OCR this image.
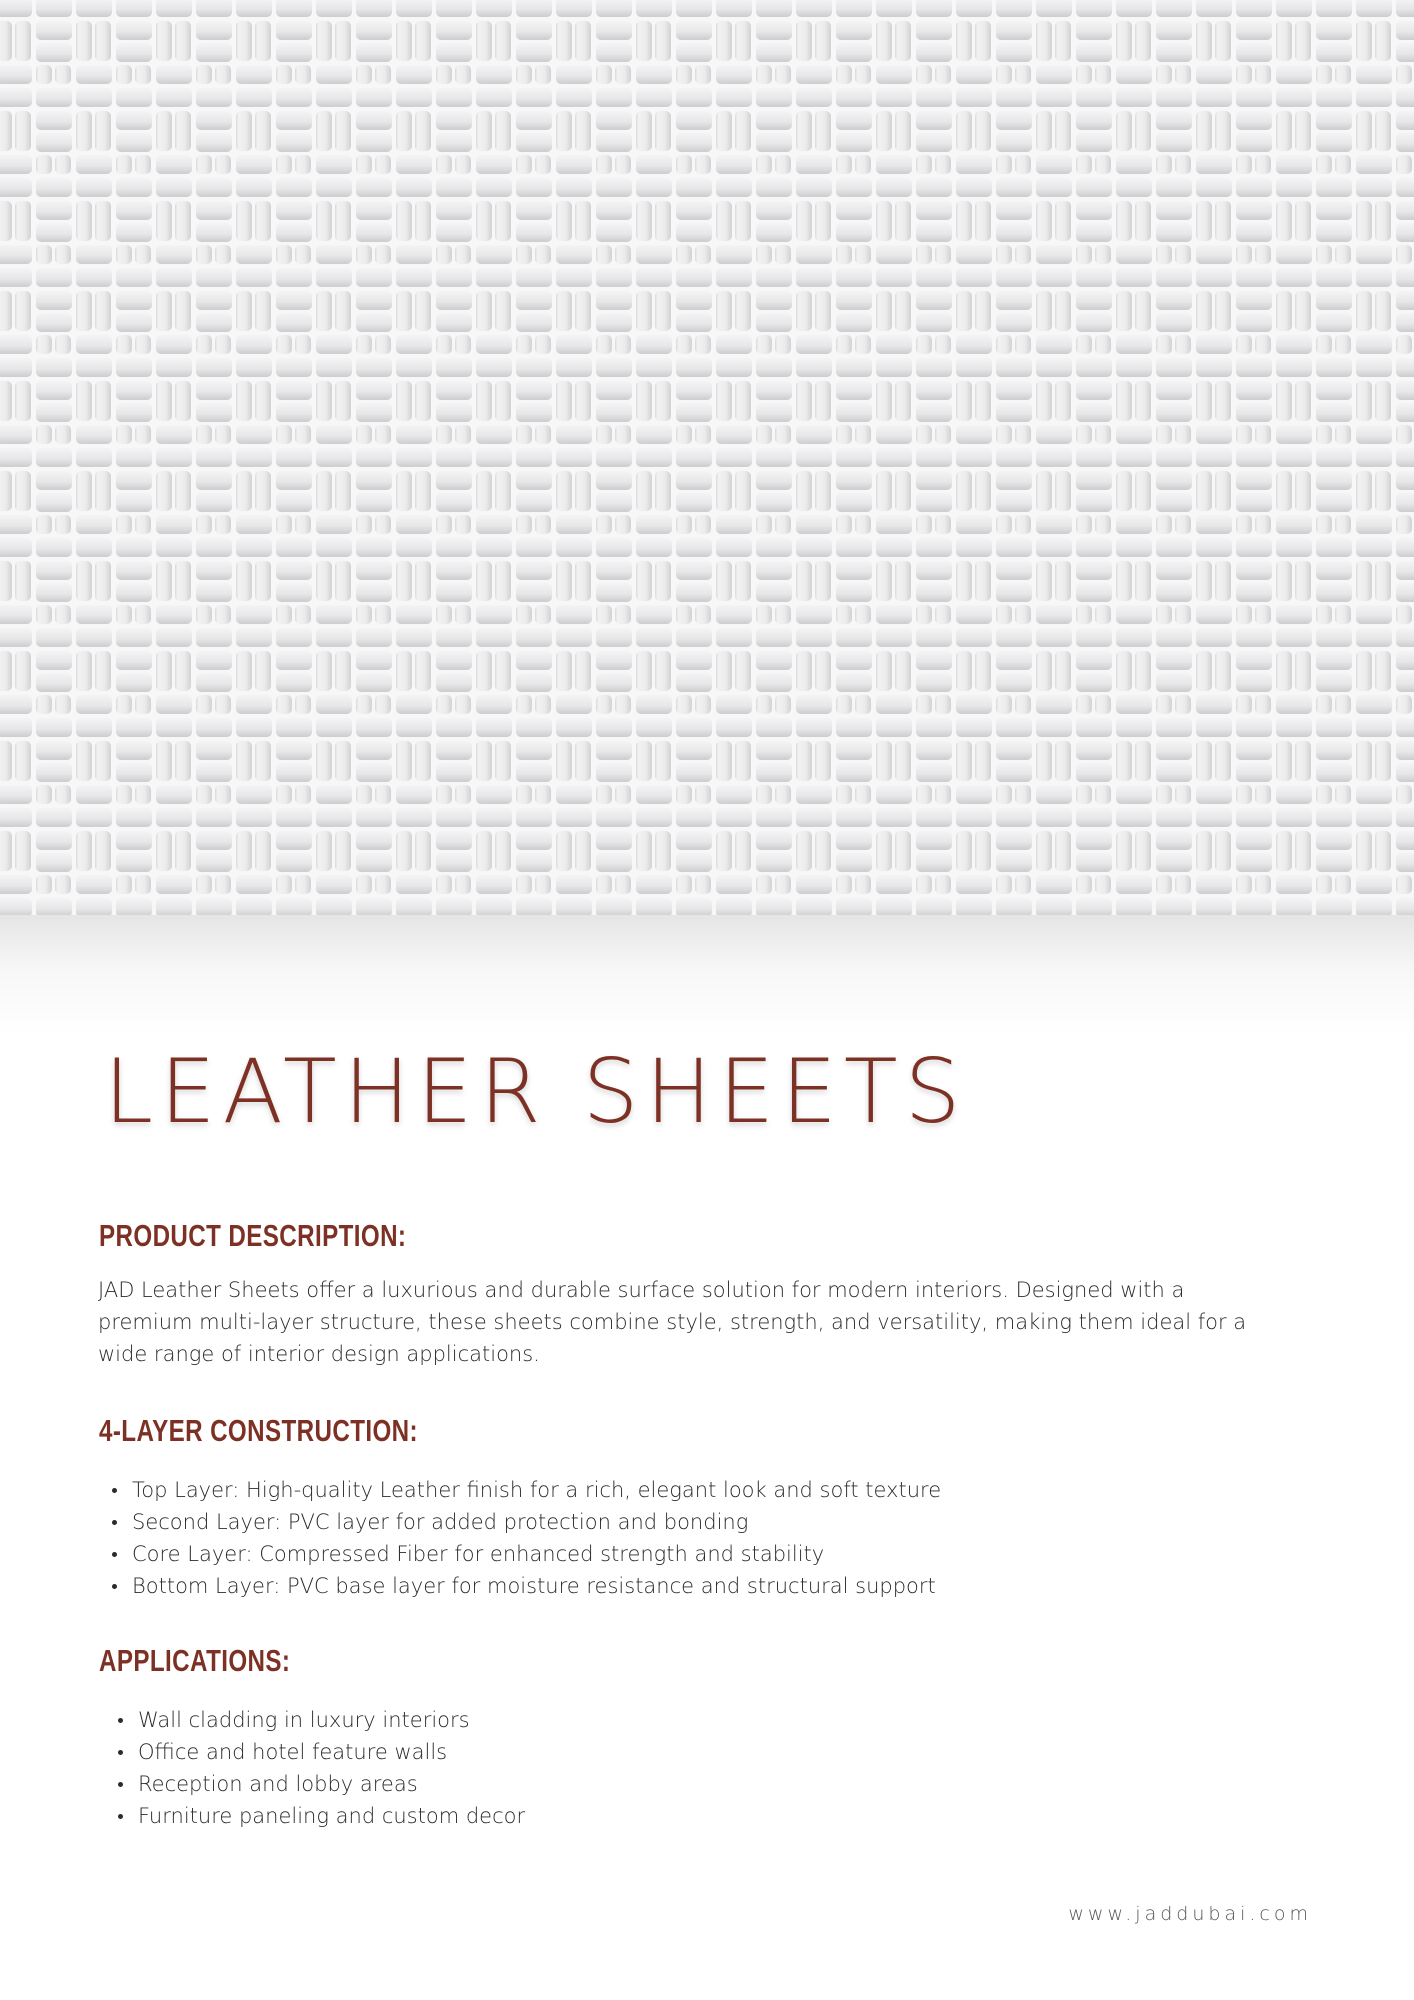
LEATHER SHEETS
PRODUCT DESCRIPTION:

JAD Leather Sheets offer a luxurious and durable surface solution for modern interiors. Designed with a premium multi-layer structure, these sheets combine style, strength, and versatility, making them ideal for a wide range of interior design applications.

4-LAYER CONSTRUCTION:
Top Layer: High-quality Leather finish for a rich, elegant look and soft texture
Second Layer: PVC layer for added protection and bonding
Core Layer: Compressed Fiber for enhanced strength and stability
Bottom Layer: PVC base layer for moisture resistance and structural support
APPLICATIONS:
Wall cladding in luxury interiors
Office and hotel feature walls
Reception and lobby areas
Furniture paneling and custom decor

www.jaddubai.com
